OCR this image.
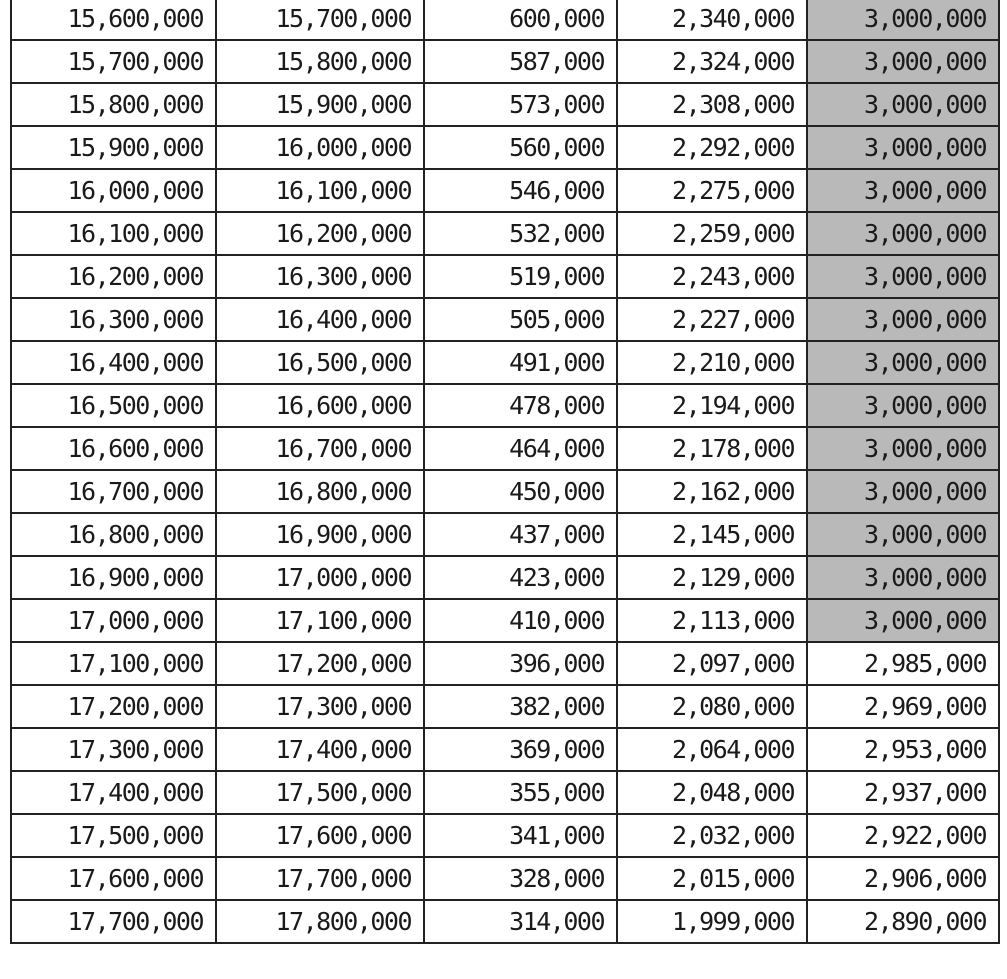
15,600,000	15,700,000	600,000	2,340,000	3,000,000
15,700,000	15,800,000	587,000	2,324,000	3,000,000
15,800,000	15,900,000	573,000	2,308,000	3,000,000
15,900,000	16,000,000	560,000	2,292,000	3,000,000
16,000,000	16,100,000	546,000	2,275,000	3,000,000
16,100,000	16,200,000	532,000	2,259,000	3,000,000
16,200,000	16,300,000	519,000	2,243,000	3,000,000
16,300,000	16,400,000	505,000	2,227,000	3,000,000
16,400,000	16,500,000	491,000	2,210,000	3,000,000
16,500,000	16,600,000	478,000	2,194,000	3,000,000
16,600,000	16,700,000	464,000	2,178,000	3,000,000
16,700,000	16,800,000	450,000	2,162,000	3,000,000
16,800,000	16,900,000	437,000	2,145,000	3,000,000
16,900,000	17,000,000	423,000	2,129,000	3,000,000
17,000,000	17,100,000	410,000	2,113,000	3,000,000
17,100,000	17,200,000	396,000	2,097,000	2,985,000
17,200,000	17,300,000	382,000	2,080,000	2,969,000
17,300,000	17,400,000	369,000	2,064,000	2,953,000
17,400,000	17,500,000	355,000	2,048,000	2,937,000
17,500,000	17,600,000	341,000	2,032,000	2,922,000
17,600,000	17,700,000	328,000	2,015,000	2,906,000
17,700,000	17,800,000	314,000	1,999,000	2,890,000
